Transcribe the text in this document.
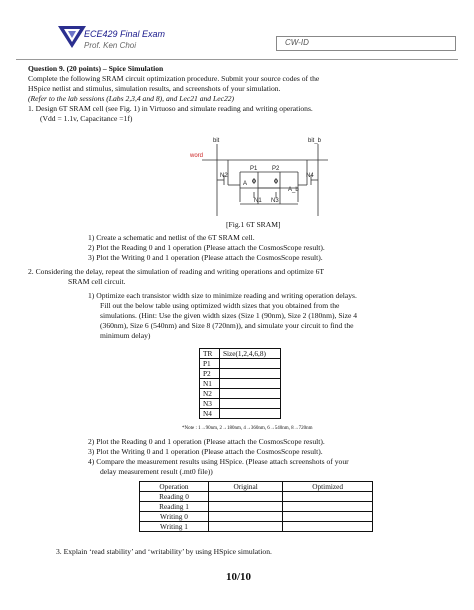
ECE429 Final Exam
Prof. Ken Choi	CW-ID
Question 9. (20 points) – Spice Simulation
Complete the following SRAM circuit optimization procedure. Submit your source codes of the
HSpice netlist and stimulus, simulation results, and screenshots of your simulation.
(Refer to the lab sessions (Labs 2,3,4 and 8), and Lec21 and Lec22)
1. Design 6T SRAM cell (see Fig. 1) in Virtuoso and simulate reading and writing operations.
(Vdd = 1.1v, Capacitance =1f)
bit	bit_b
word
P1 P2
N2	N4
A
A_b
N1 N3
[Fig.1 6T SRAM]
1) Create a schematic and netlist of the 6T SRAM cell.
2) Plot the Reading 0 and 1 operation (Please attach the CosmosScope result).
3) Plot the Writing 0 and 1 operation (Please attach the CosmosScope result).
2. Considering the delay, repeat the simulation of reading and writing operations and optimize 6T
SRAM cell circuit.
1) Optimize each transistor width size to minimize reading and writing operation delays.
Fill out the below table using optimized width sizes that you obtained from the
simulations. (Hint: Use the given width sizes (Size 1 (90nm), Size 2 (180nm), Size 4
(360nm), Size 6 (540nm) and Size 8 (720nm)), and simulate your circuit to find the
minimum delay)
TR	Size(1,2,4,6,8)
P1	
P2	
N1	
N2	
N3	
N4	
*Note : 1→90nm, 2→180nm, 4→360nm, 6→540nm, 8→720nm
2) Plot the Reading 0 and 1 operation (Please attach the CosmosScope result).
3) Plot the Writing 0 and 1 operation (Please attach the CosmosScope result).
4) Compare the measurement results using HSpice. (Please attach screenshots of your
delay measurement result (.mt0 file))
Operation	Original	Optimized
Reading 0		
Reading 1		
Writing 0		
Writing 1		
3. Explain ‘read stability’ and ‘writability’ by using HSpice simulation.
10/10
